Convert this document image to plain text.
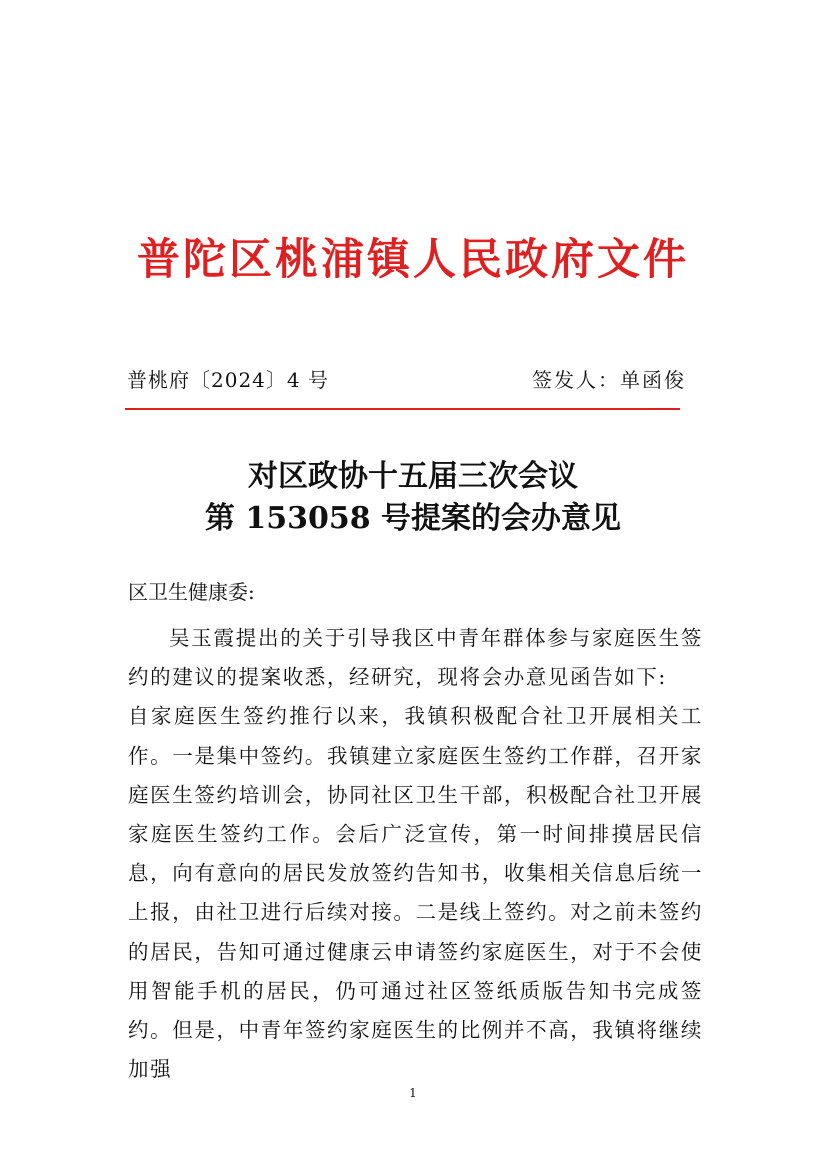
普陀区桃浦镇人民政府文件
普桃府〔2024〕4 号	签发人：单函俊
对区政协十五届三次会议
第 153058 号提案的会办意见
区卫生健康委:

吴玉霞提出的关于引导我区中青年群体参与家庭医生签约的建议的提案收悉，经研究，现将会办意见函告如下:

自家庭医生签约推行以来，我镇积极配合社卫开展相关工作。一是集中签约。我镇建立家庭医生签约工作群，召开家庭医生签约培训会，协同社区卫生干部，积极配合社卫开展家庭医生签约工作。会后广泛宣传，第一时间排摸居民信息，向有意向的居民发放签约告知书，收集相关信息后统一上报，由社卫进行后续对接。二是线上签约。对之前未签约的居民，告知可通过健康云申请签约家庭医生，对于不会使用智能手机的居民，仍可通过社区签纸质版告知书完成签约。但是，中青年签约家庭医生的比例并不高，我镇将继续加强

1
